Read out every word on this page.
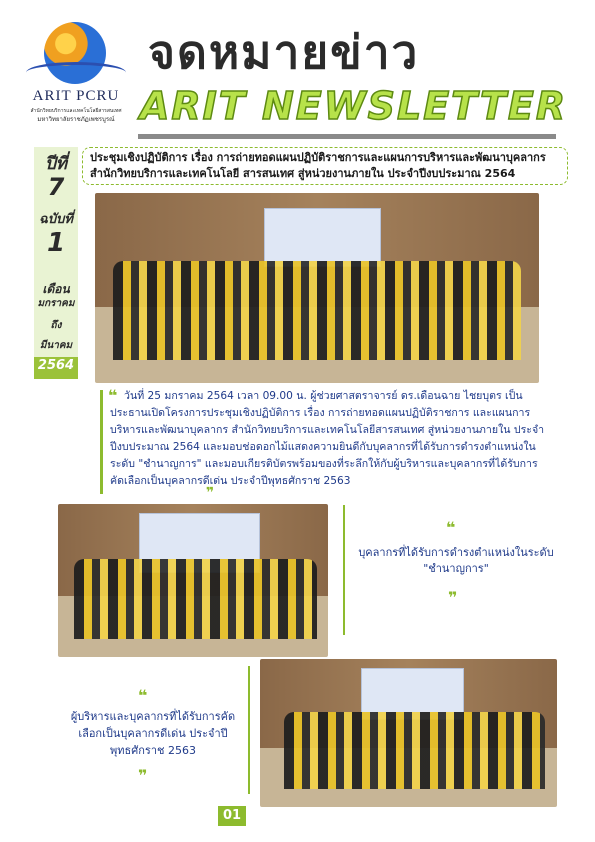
ARIT PCRU
สำนักวิทยบริการและเทคโนโลยีสารสนเทศ
มหาวิทยาลัยราชภัฏเพชรบูรณ์
จดหมายข่าว
ARIT NEWSLETTER
ปีที่
7
ฉบับที่
1
เดือน
มกราคม
ถึง
มีนาคม
2564
ประชุมเชิงปฏิบัติการ เรื่อง การถ่ายทอดแผนปฏิบัติราชการและแผนการบริหารและพัฒนาบุคลากร สำนักวิทยบริการและเทคโนโลยี สารสนเทศ สู่หน่วยงานภายใน ประจำปีงบประมาณ 2564
❝ วันที่ 25 มกราคม 2564 เวลา 09.00 น. ผู้ช่วยศาสตราจารย์ ดร.เดือนฉาย ไชยบุตร เป็นประธานเปิดโครงการประชุมเชิงปฏิบัติการ เรื่อง การถ่ายทอดแผนปฏิบัติราชการ และแผนการบริหารและพัฒนาบุคลากร สำนักวิทยบริการและเทคโนโลยีสารสนเทศ สู่หน่วยงานภายใน ประจำปีงบประมาณ 2564 และมอบช่อดอกไม้แสดงความยินดีกับบุคลากรที่ได้รับการดำรงตำแหน่งในระดับ "ชำนาญการ" และมอบเกียรติบัตรพร้อมของที่ระลึกให้กับผู้บริหารและบุคลากรที่ได้รับการคัดเลือกเป็นบุคลากรดีเด่น ประจำปีพุทธศักราช 2563
❞
❝
บุคลากรที่ได้รับการดำรงตำแหน่งในระดับ "ชำนาญการ"
❞
❝
ผู้บริหารและบุคลากรที่ได้รับการคัดเลือกเป็นบุคลากรดีเด่น ประจำปีพุทธศักราช 2563
❞
01
